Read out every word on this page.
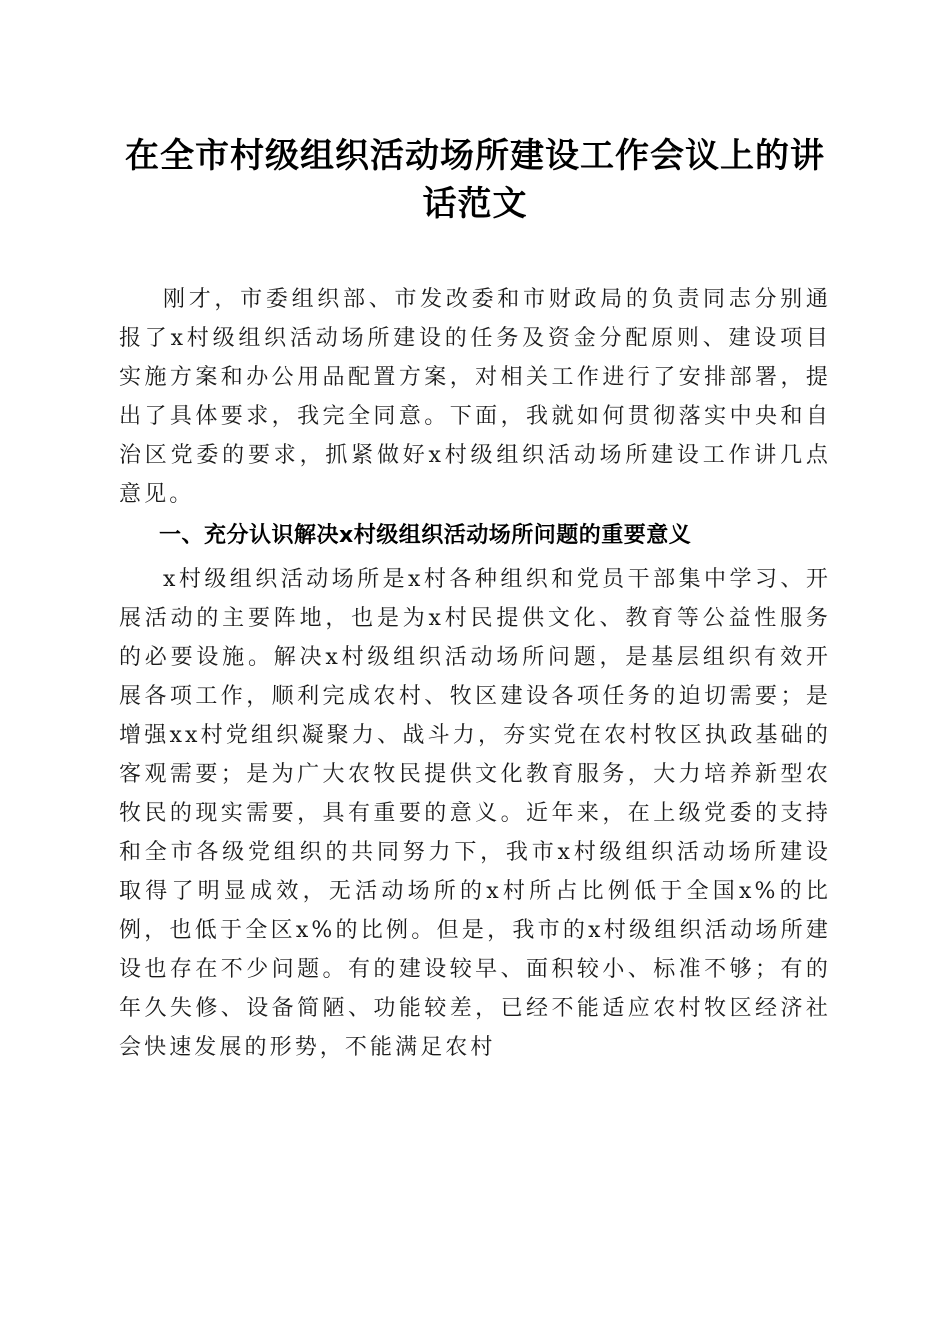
在全市村级组织活动场所建设工作会议上的讲话范文

刚才，市委组织部、市发改委和市财政局的负责同志分别通报了x村级组织活动场所建设的任务及资金分配原则、建设项目实施方案和办公用品配置方案，对相关工作进行了安排部署，提出了具体要求，我完全同意。下面，我就如何贯彻落实中央和自治区党委的要求，抓紧做好x村级组织活动场所建设工作讲几点意见。

一、充分认识解决x村级组织活动场所问题的重要意义

x村级组织活动场所是x村各种组织和党员干部集中学习、开展活动的主要阵地，也是为x村民提供文化、教育等公益性服务的必要设施。解决x村级组织活动场所问题，是基层组织有效开展各项工作，顺利完成农村、牧区建设各项任务的迫切需要；是增强xx村党组织凝聚力、战斗力，夯实党在农村牧区执政基础的客观需要；是为广大农牧民提供文化教育服务，大力培养新型农牧民的现实需要，具有重要的意义。近年来，在上级党委的支持和全市各级党组织的共同努力下，我市x村级组织活动场所建设取得了明显成效，无活动场所的x村所占比例低于全国x%的比例，也低于全区x%的比例。但是，我市的x村级组织活动场所建设也存在不少问题。有的建设较早、面积较小、标准不够；有的年久失修、设备简陋、功能较差，已经不能适应农村牧区经济社会快速发展的形势，不能满足农村
